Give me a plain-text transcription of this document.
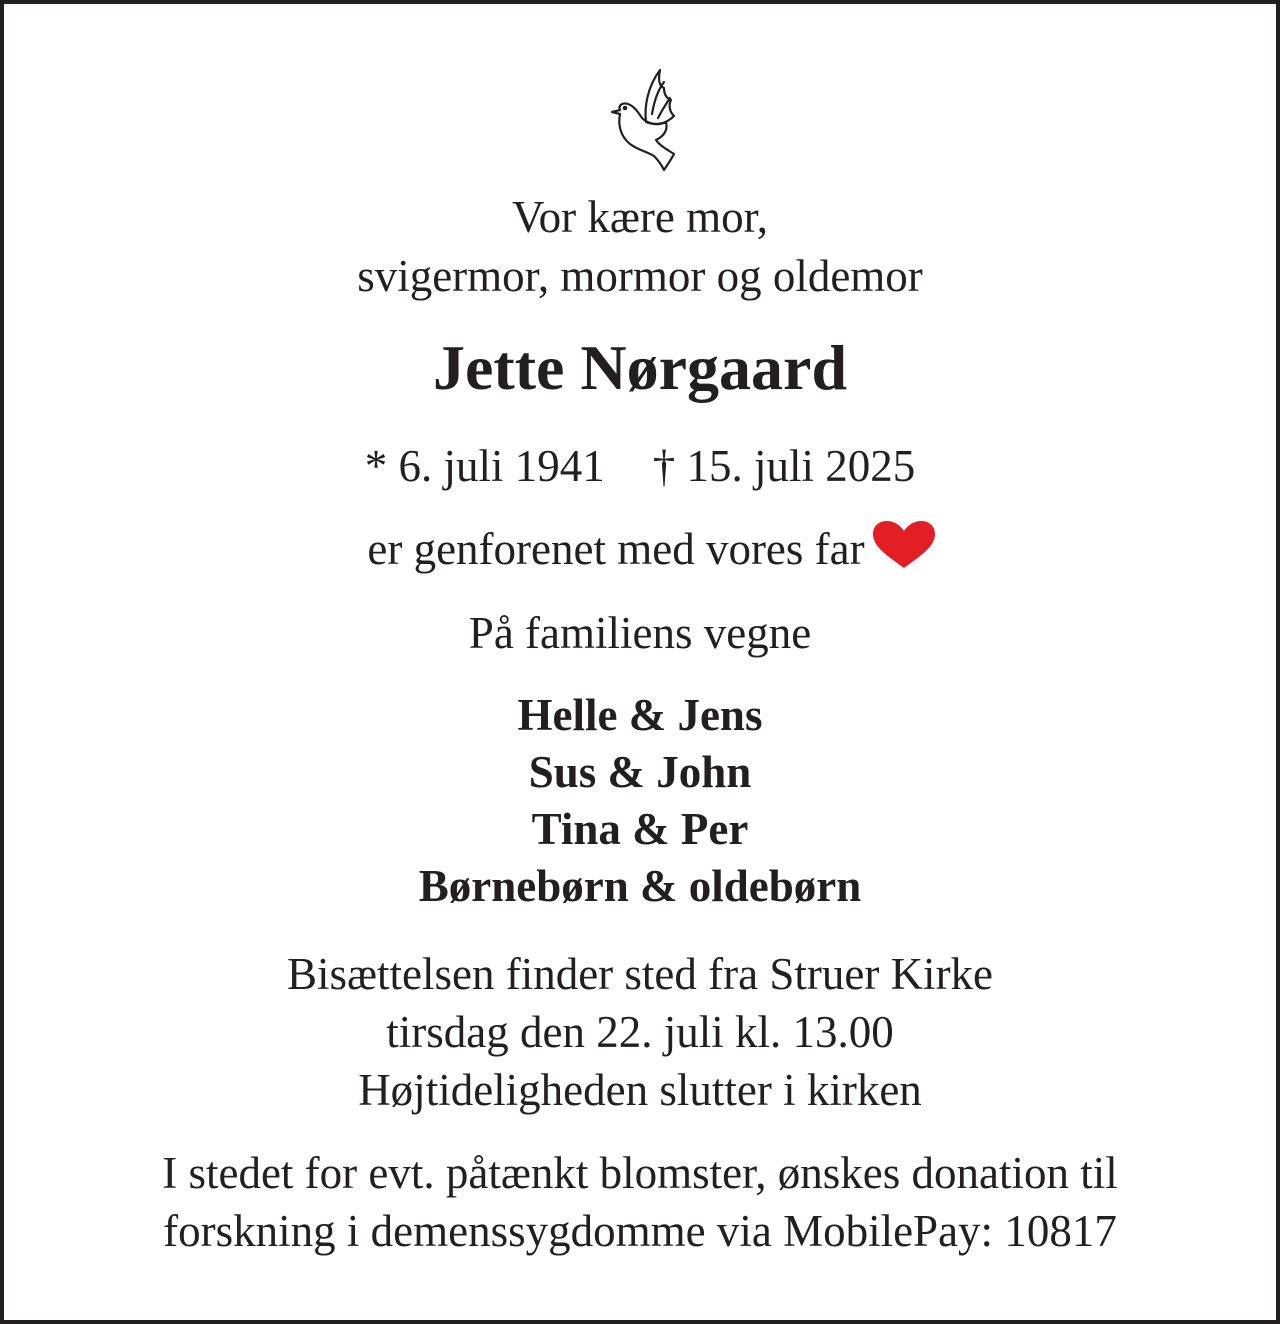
Vor kære mor,
svigermor, mormor og oldemor
Jette Nørgaard
* 6. juli 1941 † 15. juli 2025
er genforenet med vores far
På familiens vegne
Helle & Jens
Sus & John
Tina & Per
Børnebørn & oldebørn
Bisættelsen finder sted fra Struer Kirke
tirsdag den 22. juli kl. 13.00
Højtideligheden slutter i kirken
I stedet for evt. påtænkt blomster, ønskes donation til
forskning i demenssygdomme via MobilePay: 10817
